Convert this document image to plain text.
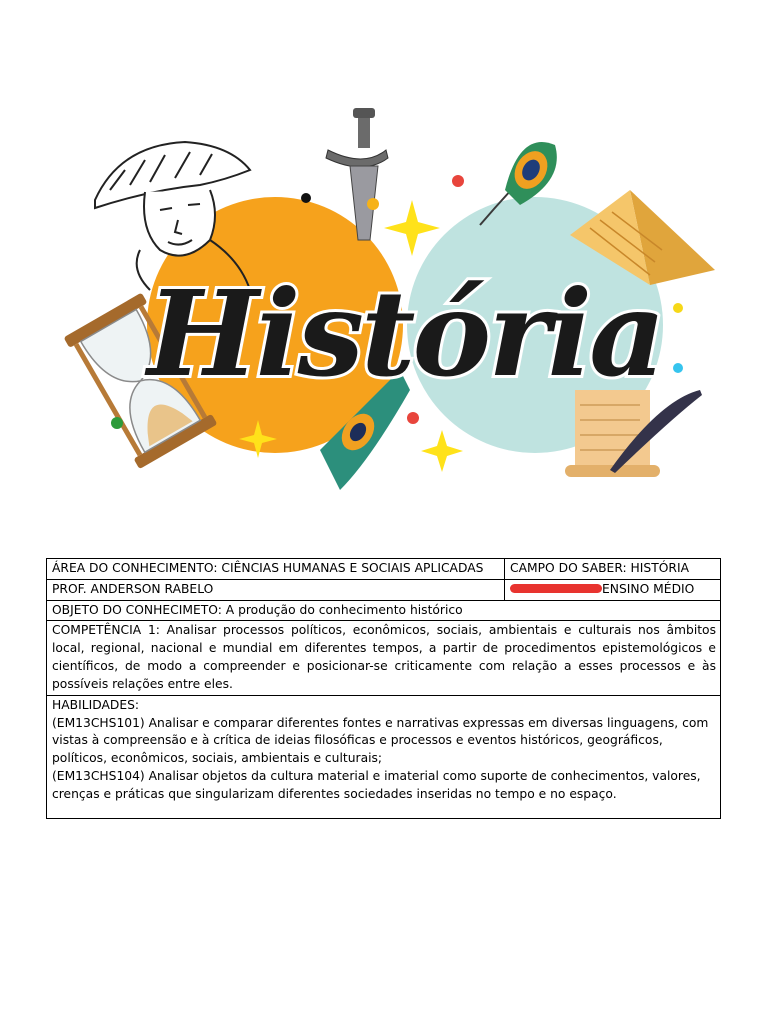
História
ÁREA DO CONHECIMENTO: CIÊNCIAS HUMANAS E SOCIAIS APLICADAS	CAMPO DO SABER: HISTÓRIA
PROF. ANDERSON RABELO	ENSINO MÉDIO
OBJETO DO CONHECIMETO: A produção do conhecimento histórico	
COMPETÊNCIA 1: Analisar processos políticos, econômicos, sociais, ambientais e culturais nos âmbitos local, regional, nacional e mundial em diferentes tempos, a partir de procedimentos epistemológicos e científicos, de modo a compreender e posicionar-se criticamente com relação a esses processos e às possíveis relações entre eles.	

HABILIDADES:
(EM13CHS101) Analisar e comparar diferentes fontes e narrativas expressas em diversas linguagens, com vistas à compreensão e à crítica de ideias filosóficas e processos e eventos históricos, geográficos, políticos, econômicos, sociais, ambientais e culturais;
(EM13CHS104) Analisar objetos da cultura material e imaterial como suporte de conhecimentos, valores, crenças e práticas que singularizam diferentes sociedades inseridas no tempo e no espaço.	
